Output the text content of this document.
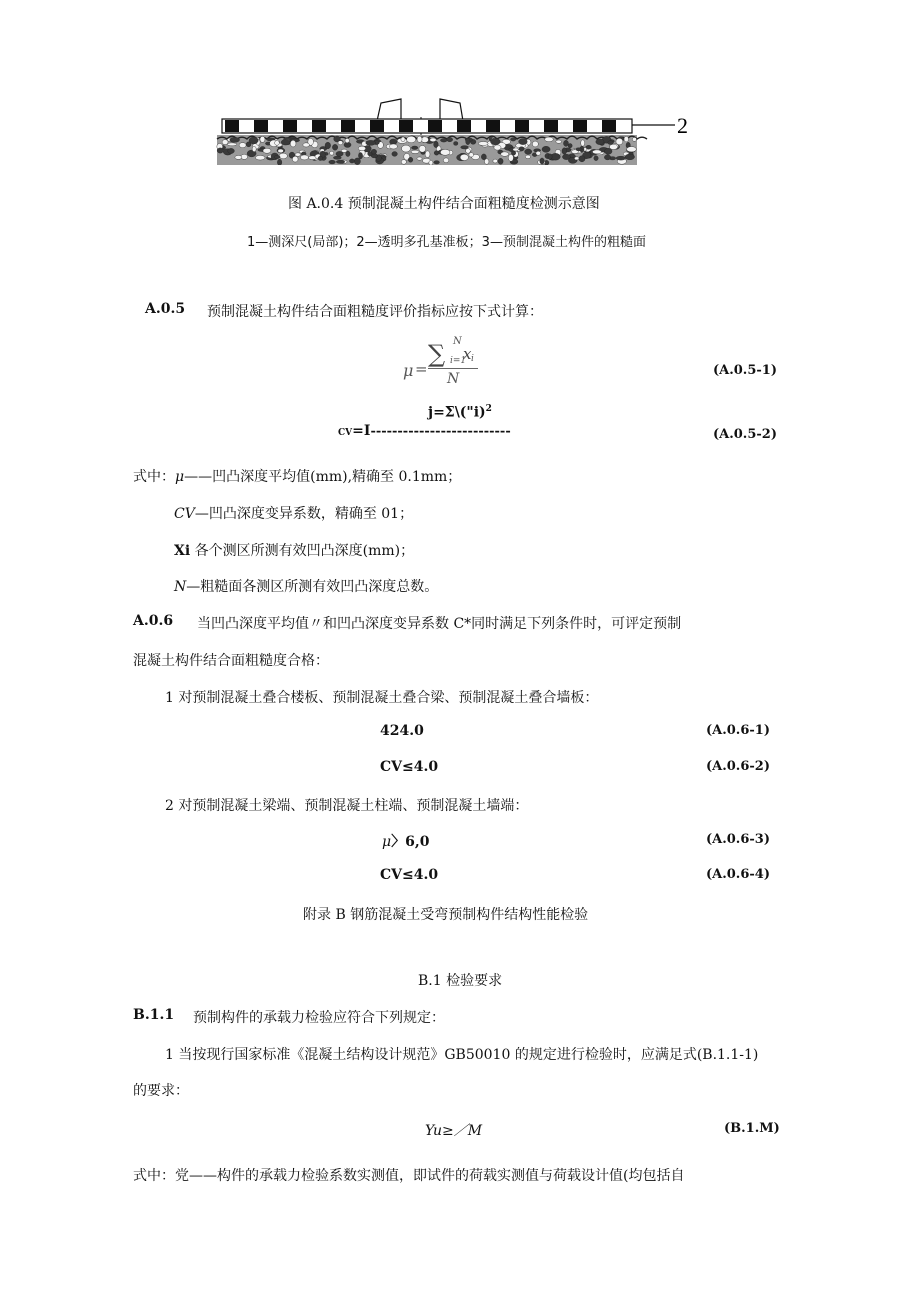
2
图 A.0.4 预制混凝土构件结合面粗糙度检测示意图
1—测深尺(局部)；2—透明多孔基准板；3—预制混凝土构件的粗糙面
A.0.5 预制混凝土构件结合面粗糙度评价指标应按下式计算：
μ =
∑ N
i=1
x i
N
(A.0.5-1)
j=Σ\("i)$^2$
CV=I--------------------------	(A.0.5-2)
式中：μ——凹凸深度平均值(mm),精确至 0.1mm；
CV—凹凸深度变异系数，精确至 01；
Xi 各个测区所测有效凹凸深度(mm)；
N—粗糙面各测区所测有效凹凸深度总数。
A.0.6 当凹凸深度平均值〃和凹凸深度变异系数 C*同时满足下列条件时，可评定预制
混凝土构件结合面粗糙度合格：
1 对预制混凝土叠合楼板、预制混凝土叠合梁、预制混凝土叠合墙板：
424.0	(A.0.6-1)
CV≤4.0	(A.0.6-2)
2 对预制混凝土梁端、预制混凝土柱端、预制混凝土墙端：
μ〉6,0	(A.0.6-3)
CV≤4.0	(A.0.6-4)
附录 B 钢筋混凝土受弯预制构件结构性能检验
B.1 检验要求
B.1.1 预制构件的承载力检验应符合下列规定：
1 当按现行国家标准《混凝土结构设计规范》GB50010 的规定进行检验时，应满足式(B.1.1-1)
的要求：
Yu≥／M	(B.1.M)
式中：党——构件的承载力检验系数实测值，即试件的荷载实测值与荷载设计值(均包括自
